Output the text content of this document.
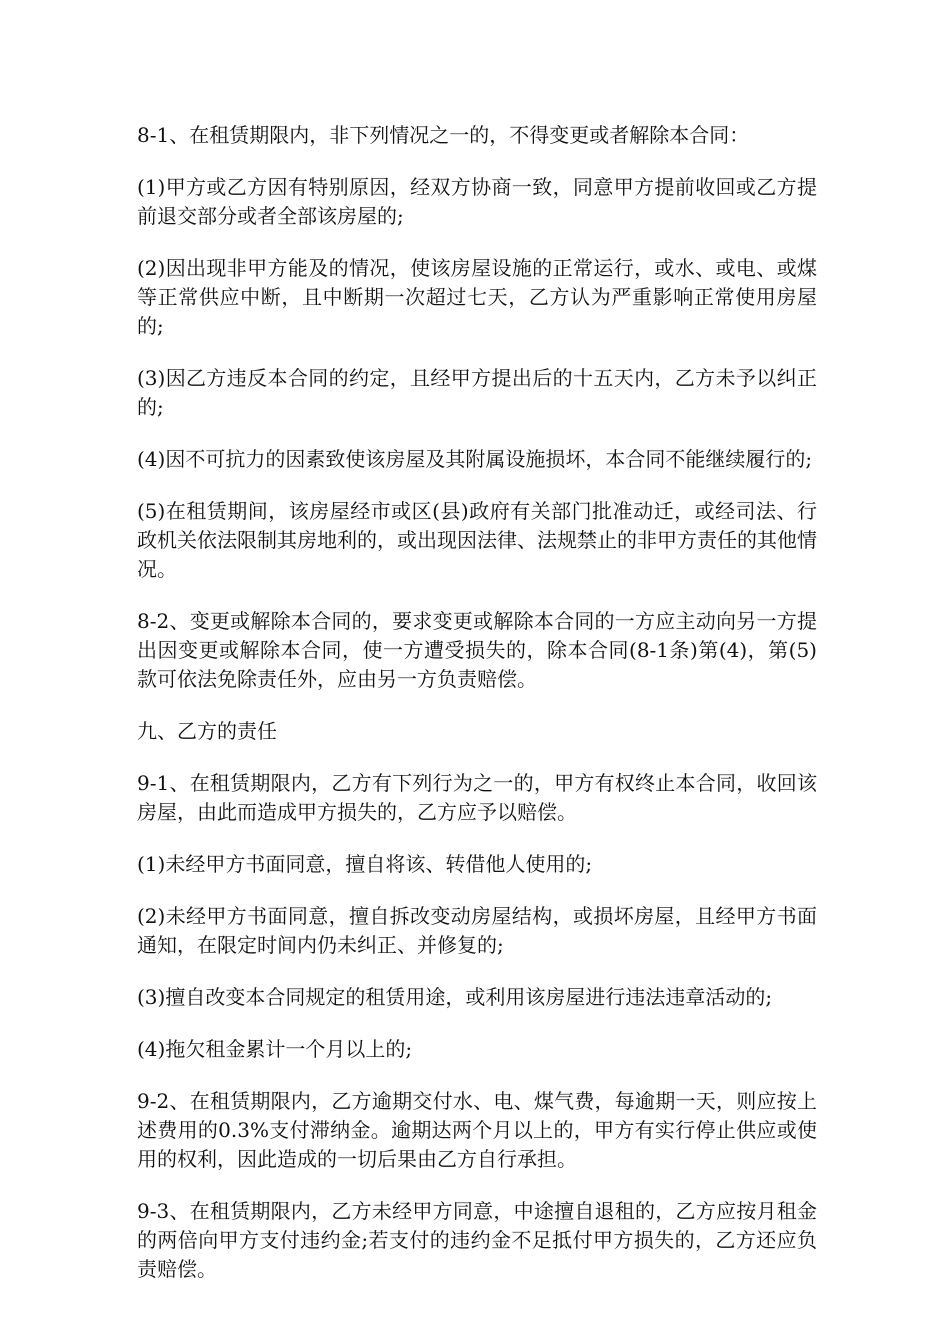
8-1、在租赁期限内，非下列情况之一的，不得变更或者解除本合同：

(1)甲方或乙方因有特别原因，经双方协商一致，同意甲方提前收回或乙方提前退交部分或者全部该房屋的;

(2)因出现非甲方能及的情况，使该房屋设施的正常运行，或水、或电、或煤等正常供应中断，且中断期一次超过七天，乙方认为严重影响正常使用房屋的;

(3)因乙方违反本合同的约定，且经甲方提出后的十五天内，乙方未予以纠正的;

(4)因不可抗力的因素致使该房屋及其附属设施损坏，本合同不能继续履行的;

(5)在租赁期间，该房屋经市或区(县)政府有关部门批准动迁，或经司法、行政机关依法限制其房地利的，或出现因法律、法规禁止的非甲方责任的其他情况。

8-2、变更或解除本合同的，要求变更或解除本合同的一方应主动向另一方提出因变更或解除本合同，使一方遭受损失的，除本合同(8-1条)第(4)，第(5)款可依法免除责任外，应由另一方负责赔偿。

九、乙方的责任

9-1、在租赁期限内，乙方有下列行为之一的，甲方有权终止本合同，收回该房屋，由此而造成甲方损失的，乙方应予以赔偿。

(1)未经甲方书面同意，擅自将该、转借他人使用的;

(2)未经甲方书面同意，擅自拆改变动房屋结构，或损坏房屋，且经甲方书面通知，在限定时间内仍未纠正、并修复的;

(3)擅自改变本合同规定的租赁用途，或利用该房屋进行违法违章活动的;

(4)拖欠租金累计一个月以上的;

9-2、在租赁期限内，乙方逾期交付水、电、煤气费，每逾期一天，则应按上述费用的0.3%支付滞纳金。逾期达两个月以上的，甲方有实行停止供应或使用的权利，因此造成的一切后果由乙方自行承担。

9-3、在租赁期限内，乙方未经甲方同意，中途擅自退租的，乙方应按月租金的两倍向甲方支付违约金;若支付的违约金不足抵付甲方损失的，乙方还应负责赔偿。
